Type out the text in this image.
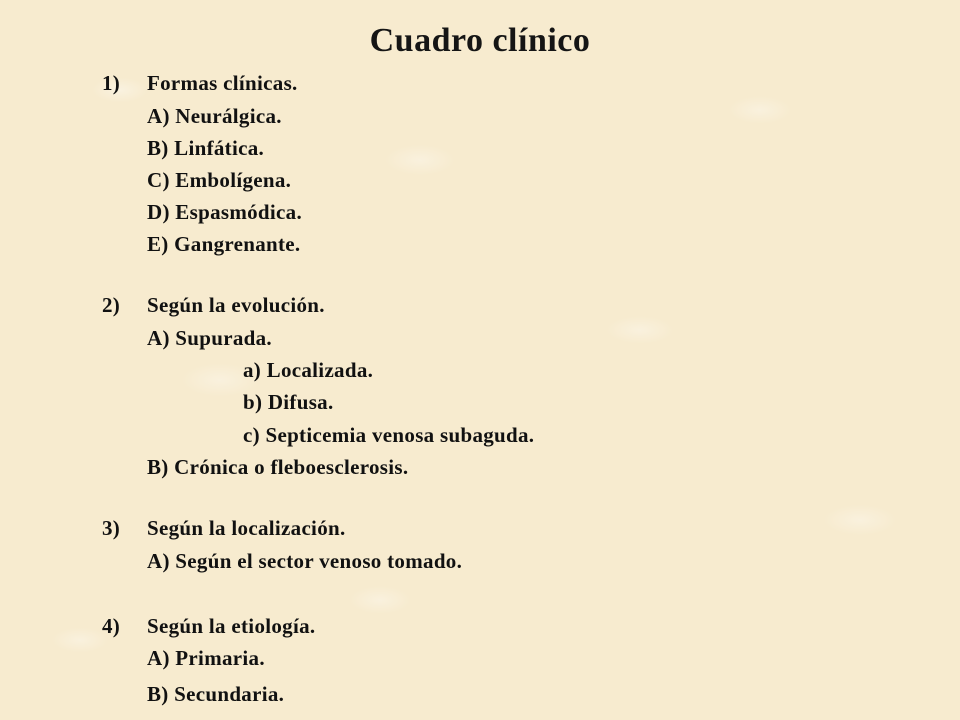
Cuadro clínico
1) Formas clínicas.
A) Neurálgica.
B) Linfática.
C) Embolígena.
D) Espasmódica.
E) Gangrenante.
2) Según la evolución.
A) Supurada.
a) Localizada.
b) Difusa.
c) Septicemia venosa subaguda.
B) Crónica o fleboesclerosis.
3) Según la localización.
A) Según el sector venoso tomado.
4) Según la etiología.
A) Primaria.
B) Secundaria.
